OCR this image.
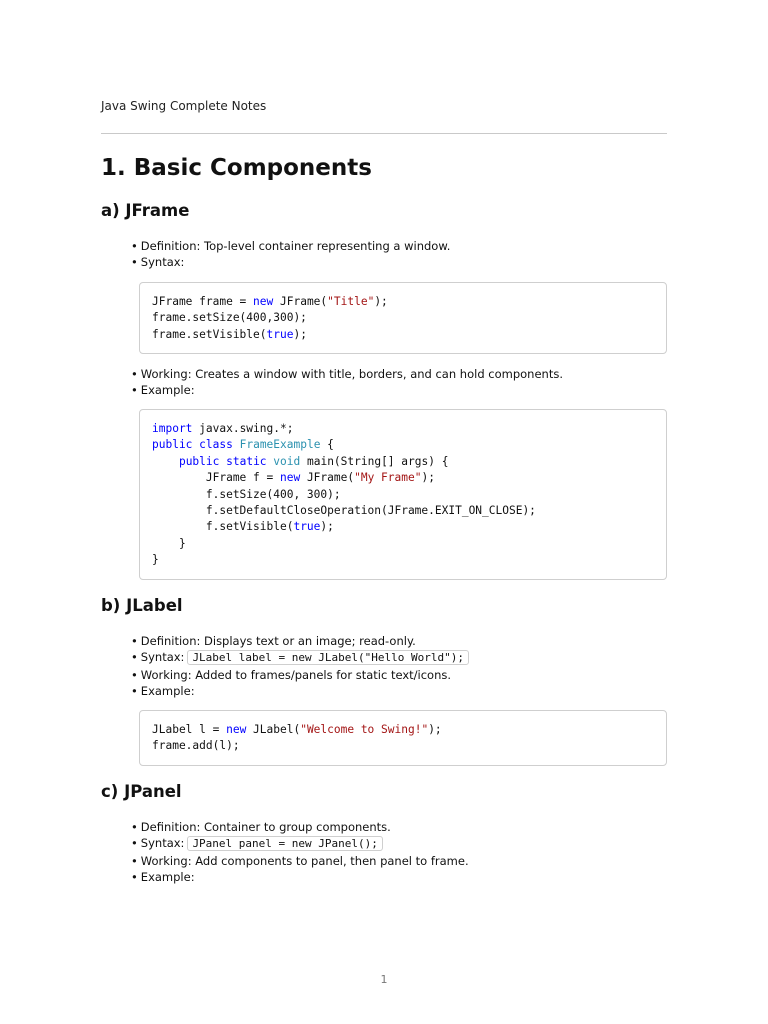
Java Swing Complete Notes
1. Basic Components
a) JFrame
• Definition: Top-level container representing a window.
• Syntax:
JFrame frame = new JFrame("Title");
frame.setSize(400,300);
frame.setVisible(true);
• Working: Creates a window with title, borders, and can hold components.
• Example:
import javax.swing.*;
public class FrameExample {
public static void main(String[] args) {
JFrame f = new JFrame("My Frame");
f.setSize(400, 300);
f.setDefaultCloseOperation(JFrame.EXIT_ON_CLOSE);
f.setVisible(true);
}
}
b) JLabel
• Definition: Displays text or an image; read-only.
• Syntax: JLabel label = new JLabel("Hello World");
• Working: Added to frames/panels for static text/icons.
• Example:
JLabel l = new JLabel("Welcome to Swing!");
frame.add(l);
c) JPanel
• Definition: Container to group components.
• Syntax: JPanel panel = new JPanel();
• Working: Add components to panel, then panel to frame.
• Example:
1
